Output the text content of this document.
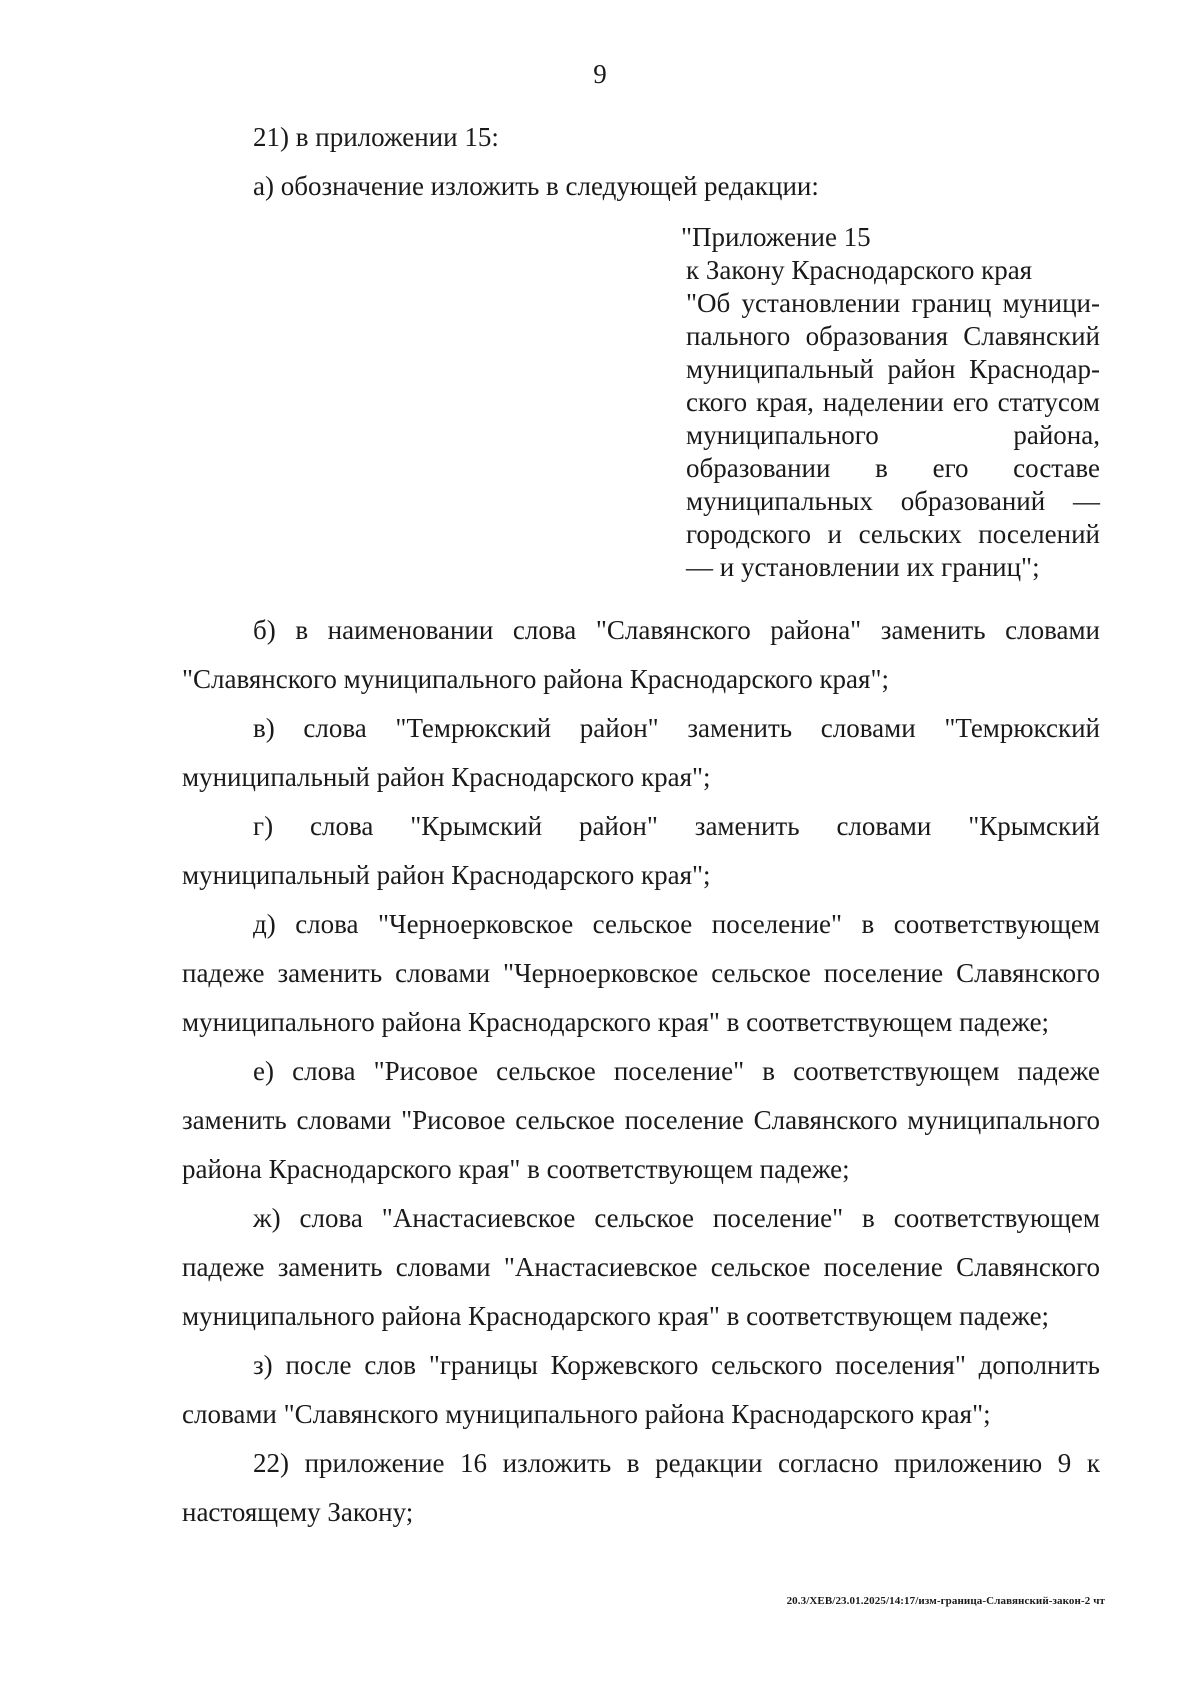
9

21) в приложении 15:

а) обозначение изложить в следующей редакции:

"Приложение 15
к Закону Краснодарского края
"Об установлении границ муниципального образования Славянский муниципальный район Краснодарского края, наделении его статусом муниципального района, образовании в его составе муниципальных образований — городского и сельских поселений — и установлении их границ";

б) в наименовании слова "Славянского района" заменить словами "Славянского муниципального района Краснодарского края";

в) слова "Темрюкский район" заменить словами "Темрюкский муниципальный район Краснодарского края";

г) слова "Крымский район" заменить словами "Крымский муниципальный район Краснодарского края";

д) слова "Черноерковское сельское поселение" в соответствующем падеже заменить словами "Черноерковское сельское поселение Славянского муниципального района Краснодарского края" в соответствующем падеже;

е) слова "Рисовое сельское поселение" в соответствующем падеже заменить словами "Рисовое сельское поселение Славянского муниципального района Краснодарского края" в соответствующем падеже;

ж) слова "Анастасиевское сельское поселение" в соответствующем падеже заменить словами "Анастасиевское сельское поселение Славянского муниципального района Краснодарского края" в соответствующем падеже;

з) после слов "границы Коржевского сельского поселения" дополнить словами "Славянского муниципального района Краснодарского края";

22) приложение 16 изложить в редакции согласно приложению 9 к настоящему Закону;

20.3/ХЕВ/23.01.2025/14:17/изм-граница-Славянский-закон-2 чт
